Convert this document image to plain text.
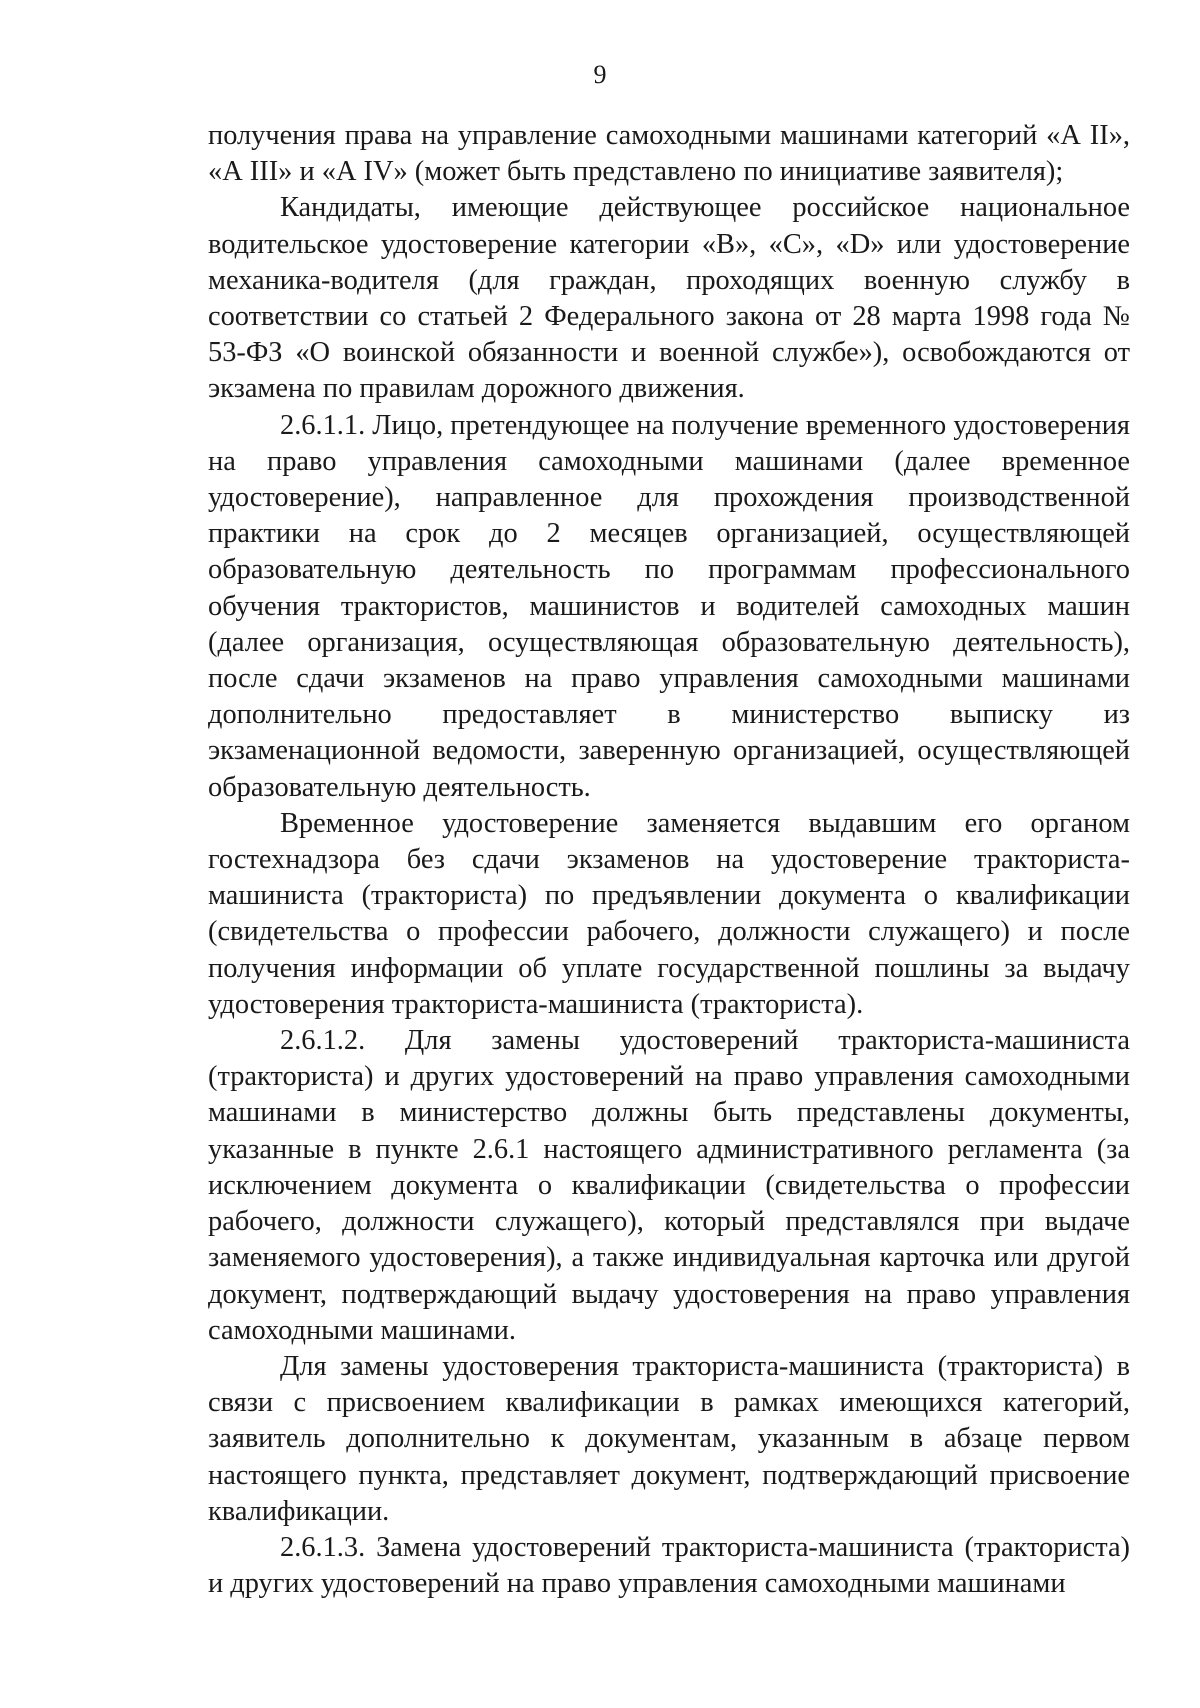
9

получения права на управление самоходными машинами категорий «А II», «А III» и «А IV» (может быть представлено по инициативе заявителя);

Кандидаты, имеющие действующее российское национальное водительское удостоверение категории «B», «C», «D» или удостоверение механика-водителя (для граждан, проходящих военную службу в соответствии со статьей 2 Федерального закона от 28 марта 1998 года № 53-ФЗ «О воинской обязанности и военной службе»), освобождаются от экзамена по правилам дорожного движения.

2.6.1.1. Лицо, претендующее на получение временного удостоверения на право управления самоходными машинами (далее временное удостоверение), направленное для прохождения производственной практики на срок до 2 месяцев организацией, осуществляющей образовательную деятельность по программам профессионального обучения трактористов, машинистов и водителей самоходных машин (далее организация, осуществляющая образовательную деятельность), после сдачи экзаменов на право управления самоходными машинами дополнительно предоставляет в министерство выписку из экзаменационной ведомости, заверенную организацией, осуществляющей образовательную деятельность.

Временное удостоверение заменяется выдавшим его органом гостехнадзора без сдачи экзаменов на удостоверение тракториста-машиниста (тракториста) по предъявлении документа о квалификации (свидетельства о профессии рабочего, должности служащего) и после получения информации об уплате государственной пошлины за выдачу удостоверения тракториста-машиниста (тракториста).

2.6.1.2. Для замены удостоверений тракториста-машиниста (тракториста) и других удостоверений на право управления самоходными машинами в министерство должны быть представлены документы, указанные в пункте 2.6.1 настоящего административного регламента (за исключением документа о квалификации (свидетельства о профессии рабочего, должности служащего), который представлялся при выдаче заменяемого удостоверения), а также индивидуальная карточка или другой документ, подтверждающий выдачу удостоверения на право управления самоходными машинами.

Для замены удостоверения тракториста-машиниста (тракториста) в связи с присвоением квалификации в рамках имеющихся категорий, заявитель дополнительно к документам, указанным в абзаце первом настоящего пункта, представляет документ, подтверждающий присвоение квалификации.

2.6.1.3. Замена удостоверений тракториста-машиниста (тракториста) и других удостоверений на право управления самоходными машинами
